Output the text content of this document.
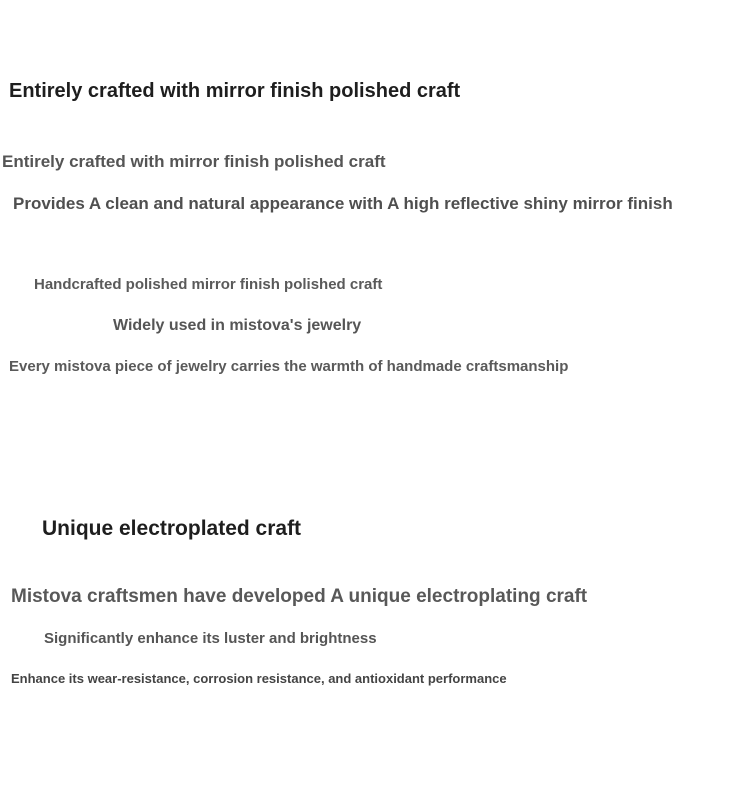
Entirely crafted with mirror finish polished craft

Entirely crafted with mirror finish polished craft

Provides A clean and natural appearance with A high reflective shiny mirror finish

Handcrafted polished mirror finish polished craft

Widely used in mistova's jewelry

Every mistova piece of jewelry carries the warmth of handmade craftsmanship

Unique electroplated craft

Mistova craftsmen have developed A unique electroplating craft

Significantly enhance its luster and brightness

Enhance its wear-resistance, corrosion resistance, and antioxidant performance
